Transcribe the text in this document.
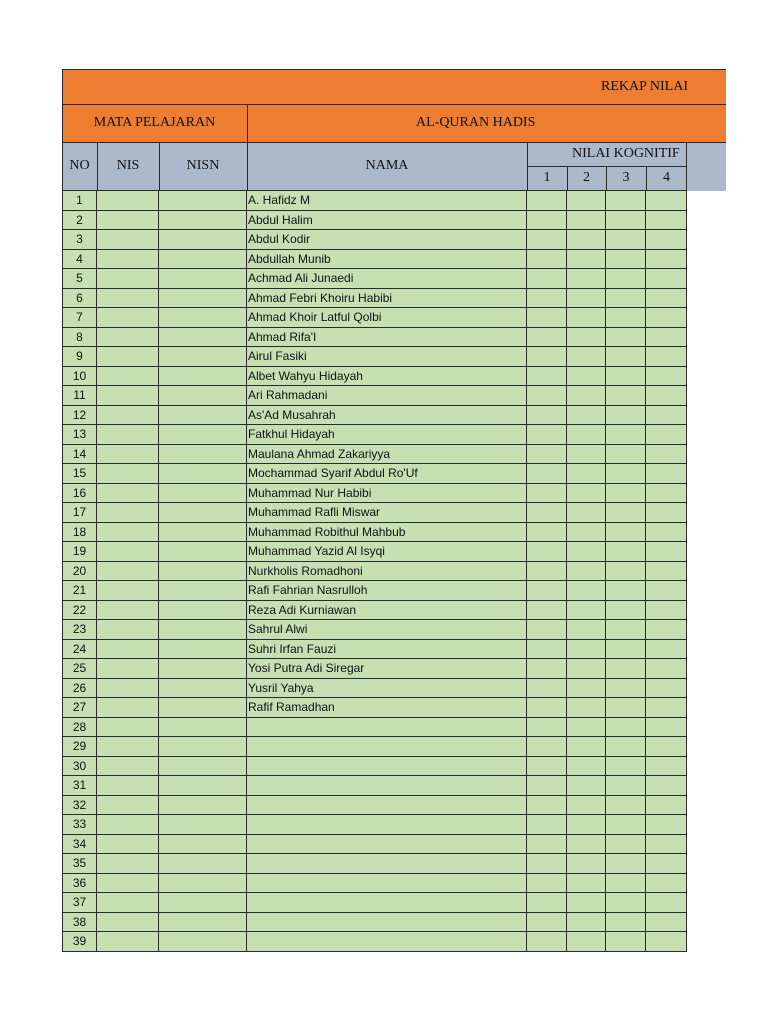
REKAP NILAI
MATA PELAJARAN	AL-QURAN HADIS
NO NIS	NISN	NAMA
NILAI KOGNITIF
1 2 3 4
1	A. Hafidz M
2	Abdul Halim
3	Abdul Kodir
4	Abdullah Munib
5	Achmad Ali Junaedi
6	Ahmad Febri Khoiru Habibi
7	Ahmad Khoir Latful Qolbi
8	Ahmad Rifa'I
9	Airul Fasiki
10	Albet Wahyu Hidayah
11	Ari Rahmadani
12	As'Ad Musahrah
13	Fatkhul Hidayah
14	Maulana Ahmad Zakariyya
15	Mochammad Syarif Abdul Ro'Uf
16	Muhammad Nur Habibi
17	Muhammad Rafli Miswar
18	Muhammad Robithul Mahbub
19	Muhammad Yazid Al Isyqi
20	Nurkholis Romadhoni
21	Rafi Fahrian Nasrulloh
22	Reza Adi Kurniawan
23	Sahrul Alwi
24	Suhri Irfan Fauzi
25	Yosi Putra Adi Siregar
26	Yusril Yahya
27	Rafif Ramadhan
28
29
30
31
32
33
34
35
36
37
38
39
